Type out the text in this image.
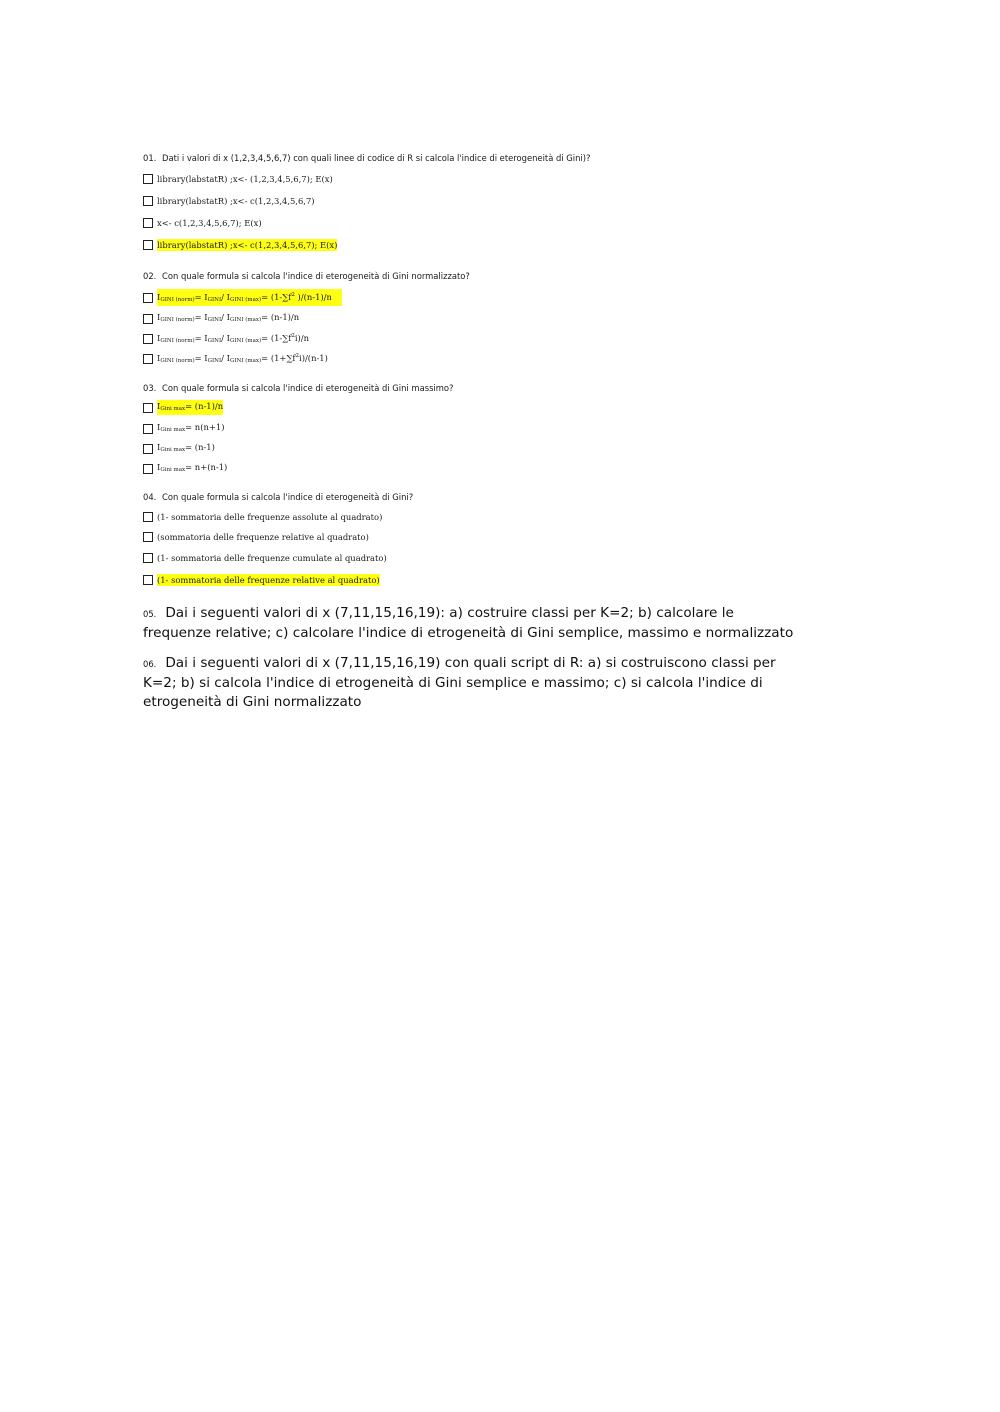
01. Dati i valori di x (1,2,3,4,5,6,7) con quali linee di codice di R si calcola l'indice di eterogeneità di Gini)?
library(labstatR) ;x<- (1,2,3,4,5,6,7); E(x)
library(labstatR) ;x<- c(1,2,3,4,5,6,7)
x<- c(1,2,3,4,5,6,7); E(x)
library(labstatR) ;x<- c(1,2,3,4,5,6,7); E(x)
02. Con quale formula si calcola l'indice di eterogeneità di Gini normalizzato?
IGINI (norm)= IGINI/ IGINI $(\max)= (1-\sum f^2$ )/(n-1)/n
IGINI (norm)= IGINI/ IGINI (max)= (n-1)/n
IGINI (norm)= IGINI/ IGINI $(\max)= (1-\sum f^2i)/n$
IGINI (norm)= IGINI/ IGINI $(\max)= (1+\sum f^2i)/(n-1)$
03. Con quale formula si calcola l'indice di eterogeneità di Gini massimo?
IGini max= (n-1)/n
IGini max= n(n+1)
IGini max= (n-1)
IGini max= n+(n-1)
04. Con quale formula si calcola l'indice di eterogeneità di Gini?
(1- sommatoria delle frequenze assolute al quadrato)
(sommatoria delle frequenze relative al quadrato)
(1- sommatoria delle frequenze cumulate al quadrato)
(1- sommatoria delle frequenze relative al quadrato)
05. Dai i seguenti valori di x (7,11,15,16,19): a) costruire classi per K=2; b) calcolare le frequenze relative; c) calcolare l'indice di etrogeneità di Gini semplice, massimo e normalizzato
06. Dai i seguenti valori di x (7,11,15,16,19) con quali script di R: a) si costruiscono classi per K=2; b) si calcola l'indice di etrogeneità di Gini semplice e massimo; c) si calcola l'indice di etrogeneità di Gini normalizzato
